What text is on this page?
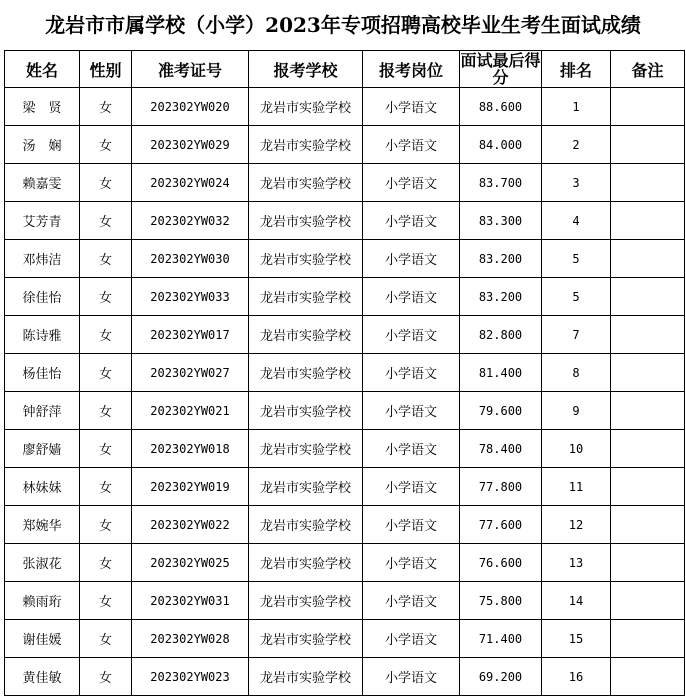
龙岩市市属学校（小学）2023年专项招聘高校毕业生考生面试成绩
姓名	性别	准考证号	报考学校	报考岗位	面试最后得分	排名	备注
梁　贤	女	202302YW020	龙岩市实验学校	小学语文	88.600	1	
汤　娴	女	202302YW029	龙岩市实验学校	小学语文	84.000	2	
赖嘉雯	女	202302YW024	龙岩市实验学校	小学语文	83.700	3	
艾芳青	女	202302YW032	龙岩市实验学校	小学语文	83.300	4	
邓炜洁	女	202302YW030	龙岩市实验学校	小学语文	83.200	5	
徐佳怡	女	202302YW033	龙岩市实验学校	小学语文	83.200	5	
陈诗雅	女	202302YW017	龙岩市实验学校	小学语文	82.800	7	
杨佳怡	女	202302YW027	龙岩市实验学校	小学语文	81.400	8	
钟舒萍	女	202302YW021	龙岩市实验学校	小学语文	79.600	9	
廖舒嫱	女	202302YW018	龙岩市实验学校	小学语文	78.400	10	
林妹妹	女	202302YW019	龙岩市实验学校	小学语文	77.800	11	
郑婉华	女	202302YW022	龙岩市实验学校	小学语文	77.600	12	
张淑花	女	202302YW025	龙岩市实验学校	小学语文	76.600	13	
赖雨珩	女	202302YW031	龙岩市实验学校	小学语文	75.800	14	
谢佳媛	女	202302YW028	龙岩市实验学校	小学语文	71.400	15	
黄佳敏	女	202302YW023	龙岩市实验学校	小学语文	69.200	16	
